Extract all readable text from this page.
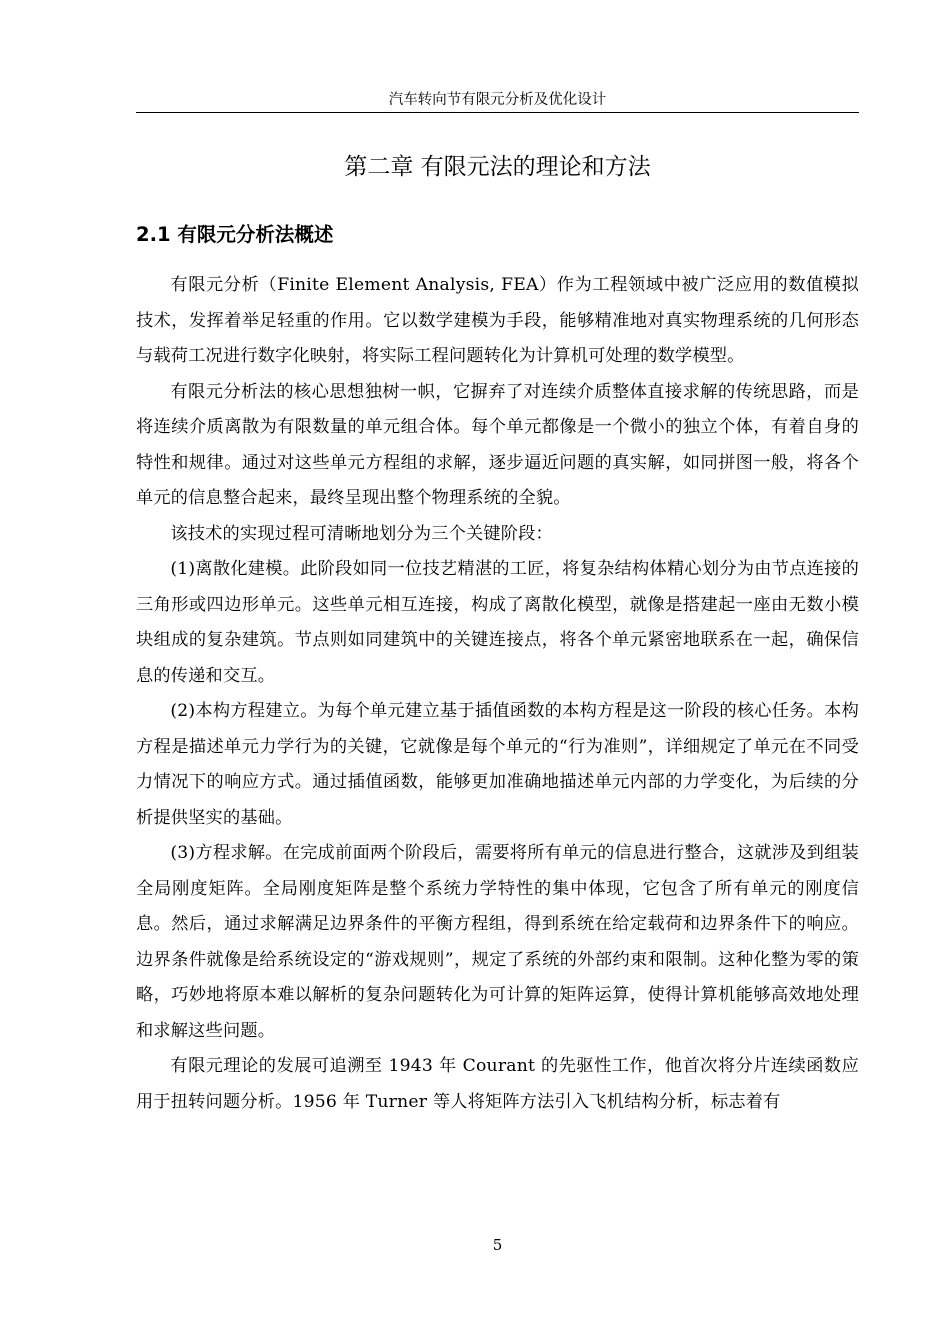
汽车转向节有限元分析及优化设计
第二章 有限元法的理论和方法
2.1 有限元分析法概述

有限元分析（Finite Element Analysis, FEA）作为工程领域中被广泛应用的数值模拟技术，发挥着举足轻重的作用。它以数学建模为手段，能够精准地对真实物理系统的几何形态与载荷工况进行数字化映射，将实际工程问题转化为计算机可处理的数学模型。

有限元分析法的核心思想独树一帜，它摒弃了对连续介质整体直接求解的传统思路，而是将连续介质离散为有限数量的单元组合体。每个单元都像是一个微小的独立个体，有着自身的特性和规律。通过对这些单元方程组的求解，逐步逼近问题的真实解，如同拼图一般，将各个单元的信息整合起来，最终呈现出整个物理系统的全貌。

该技术的实现过程可清晰地划分为三个关键阶段：

(1)离散化建模。此阶段如同一位技艺精湛的工匠，将复杂结构体精心划分为由节点连接的三角形或四边形单元。这些单元相互连接，构成了离散化模型，就像是搭建起一座由无数小模块组成的复杂建筑。节点则如同建筑中的关键连接点，将各个单元紧密地联系在一起，确保信息的传递和交互。

(2)本构方程建立。为每个单元建立基于插值函数的本构方程是这一阶段的核心任务。本构方程是描述单元力学行为的关键，它就像是每个单元的“行为准则”，详细规定了单元在不同受力情况下的响应方式。通过插值函数，能够更加准确地描述单元内部的力学变化，为后续的分析提供坚实的基础。

(3)方程求解。在完成前面两个阶段后，需要将所有单元的信息进行整合，这就涉及到组装全局刚度矩阵。全局刚度矩阵是整个系统力学特性的集中体现，它包含了所有单元的刚度信息。然后，通过求解满足边界条件的平衡方程组，得到系统在给定载荷和边界条件下的响应。边界条件就像是给系统设定的“游戏规则”，规定了系统的外部约束和限制。这种化整为零的策略，巧妙地将原本难以解析的复杂问题转化为可计算的矩阵运算，使得计算机能够高效地处理和求解这些问题。

有限元理论的发展可追溯至 1943 年 Courant 的先驱性工作，他首次将分片连续函数应用于扭转问题分析。1956 年 Turner 等人将矩阵方法引入飞机结构分析，标志着有

5
